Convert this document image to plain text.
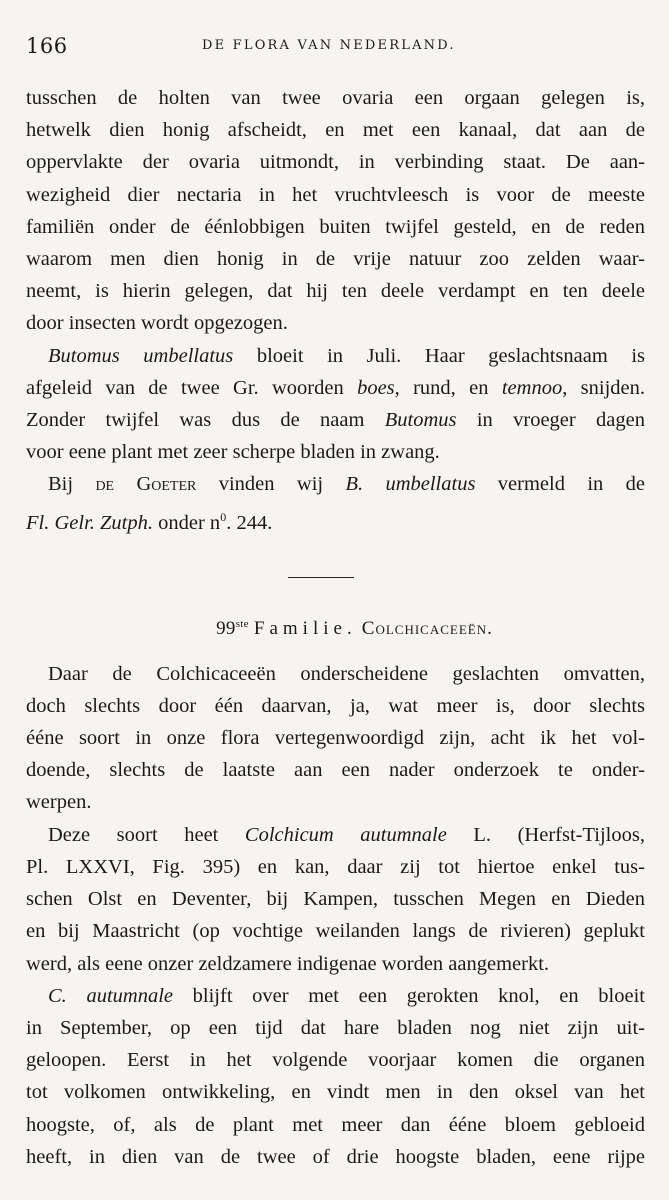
166	DE FLORA VAN NEDERLAND.
tusschen de holten van twee ovaria een orgaan gelegen is,
hetwelk dien honig afscheidt, en met een kanaal, dat aan de
oppervlakte der ovaria uitmondt, in verbinding staat. De aan-
wezigheid dier nectaria in het vruchtvleesch is voor de meeste
familiën onder de éénlobbigen buiten twijfel gesteld, en de reden
waarom men dien honig in de vrije natuur zoo zelden waar-
neemt, is hierin gelegen, dat hij ten deele verdampt en ten deele
door insecten wordt opgezogen.
Butomus umbellatus bloeit in Juli. Haar geslachtsnaam is
afgeleid van de twee Gr. woorden boes, rund, en temnoo, snijden.
Zonder twijfel was dus de naam Butomus in vroeger dagen
voor eene plant met zeer scherpe bladen in zwang.
Bij de Goeter vinden wij B. umbellatus vermeld in de
Fl. Gelr. Zutph. onder $n^0$. 244.
99ste Familie. Colchicaceeën.
Daar de Colchicaceeën onderscheidene geslachten omvatten,
doch slechts door één daarvan, ja, wat meer is, door slechts
ééne soort in onze flora vertegenwoordigd zijn, acht ik het vol-
doende, slechts de laatste aan een nader onderzoek te onder-
werpen.
Deze soort heet Colchicum autumnale L. (Herfst-Tijloos,
Pl. LXXVI, Fig. 395) en kan, daar zij tot hiertoe enkel tus-
schen Olst en Deventer, bij Kampen, tusschen Megen en Dieden
en bij Maastricht (op vochtige weilanden langs de rivieren) geplukt
werd, als eene onzer zeldzamere indigenae worden aangemerkt.
C. autumnale blijft over met een gerokten knol, en bloeit
in September, op een tijd dat hare bladen nog niet zijn uit-
geloopen. Eerst in het volgende voorjaar komen die organen
tot volkomen ontwikkeling, en vindt men in den oksel van het
hoogste, of, als de plant met meer dan ééne bloem gebloeid
heeft, in dien van de twee of drie hoogste bladen, eene rijpe
